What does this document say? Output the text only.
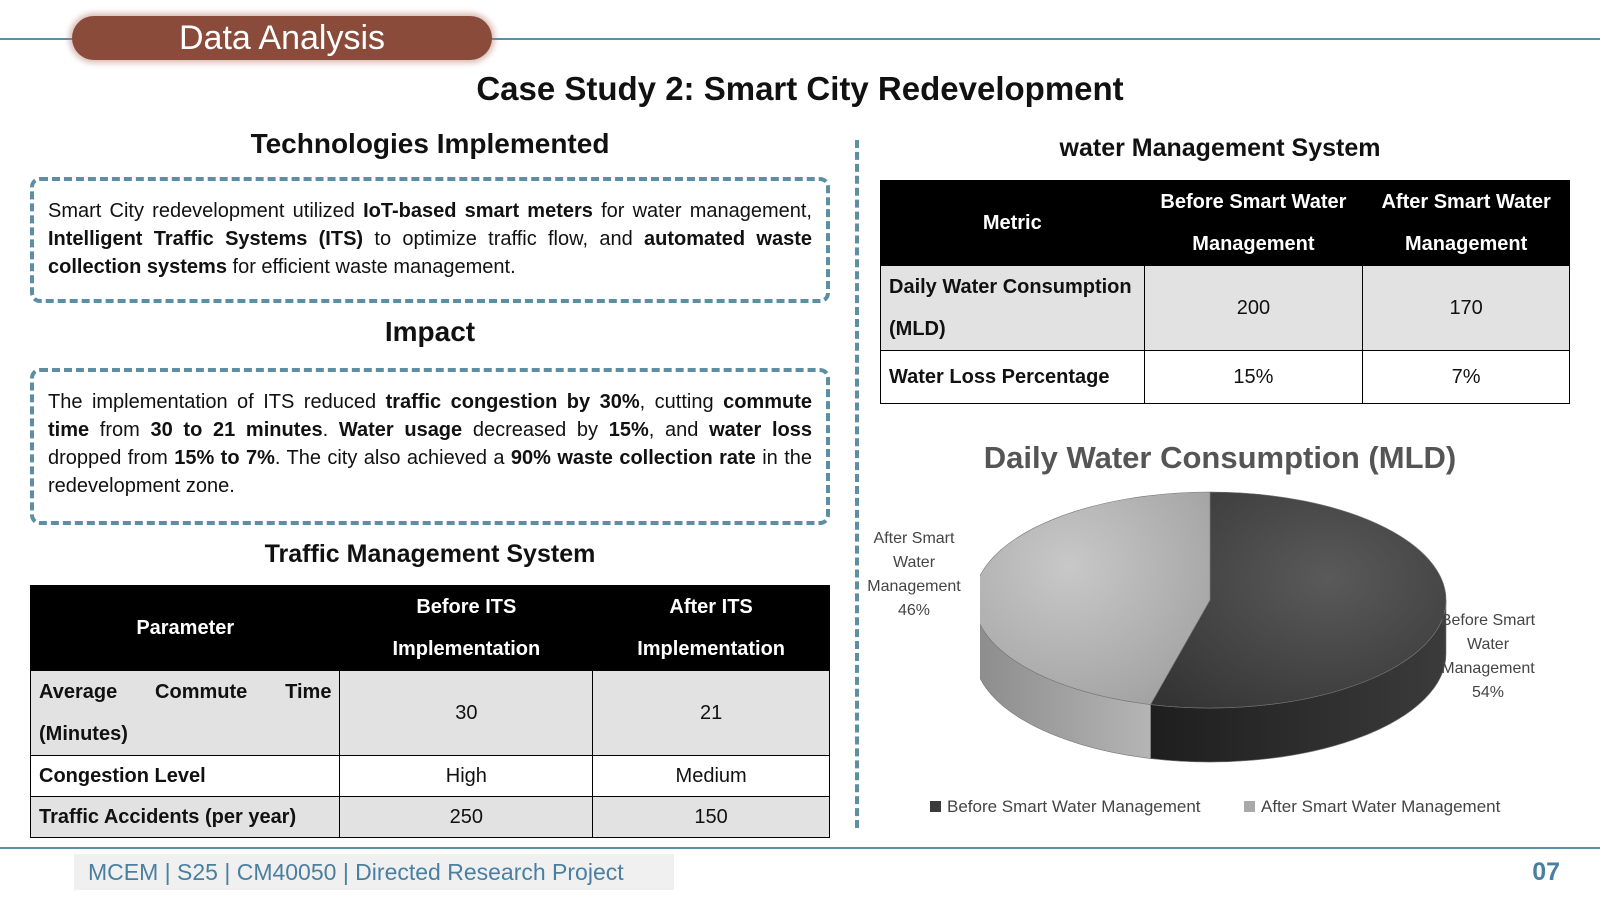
Data Analysis
Case Study 2: Smart City Redevelopment
Technologies Implemented
Smart City redevelopment utilized IoT-based smart meters for water management, Intelligent Traffic Systems (ITS) to optimize traffic flow, and automated waste collection systems for efficient waste management.
Impact
The implementation of ITS reduced traffic congestion by 30%, cutting commute time from 30 to 21 minutes. Water usage decreased by 15%, and water loss dropped from 15% to 7%. The city also achieved a 90% waste collection rate in the redevelopment zone.
Traffic Management System
Parameter	Before ITS Implementation	After ITS Implementation
Average Commute Time (Minutes)	30	21
Congestion Level	High	Medium
Traffic Accidents (per year)	250	150
water Management System
Metric	Before Smart Water Management	After Smart Water Management
Daily Water Consumption (MLD)	200	170
Water Loss Percentage	15%	7%
Daily Water Consumption (MLD)
After Smart
Water
Management
46%
Before Smart
Water
Management
54%
Before Smart Water Management	After Smart Water Management
MCEM | S25 | CM40050 | Directed Research Project	07
